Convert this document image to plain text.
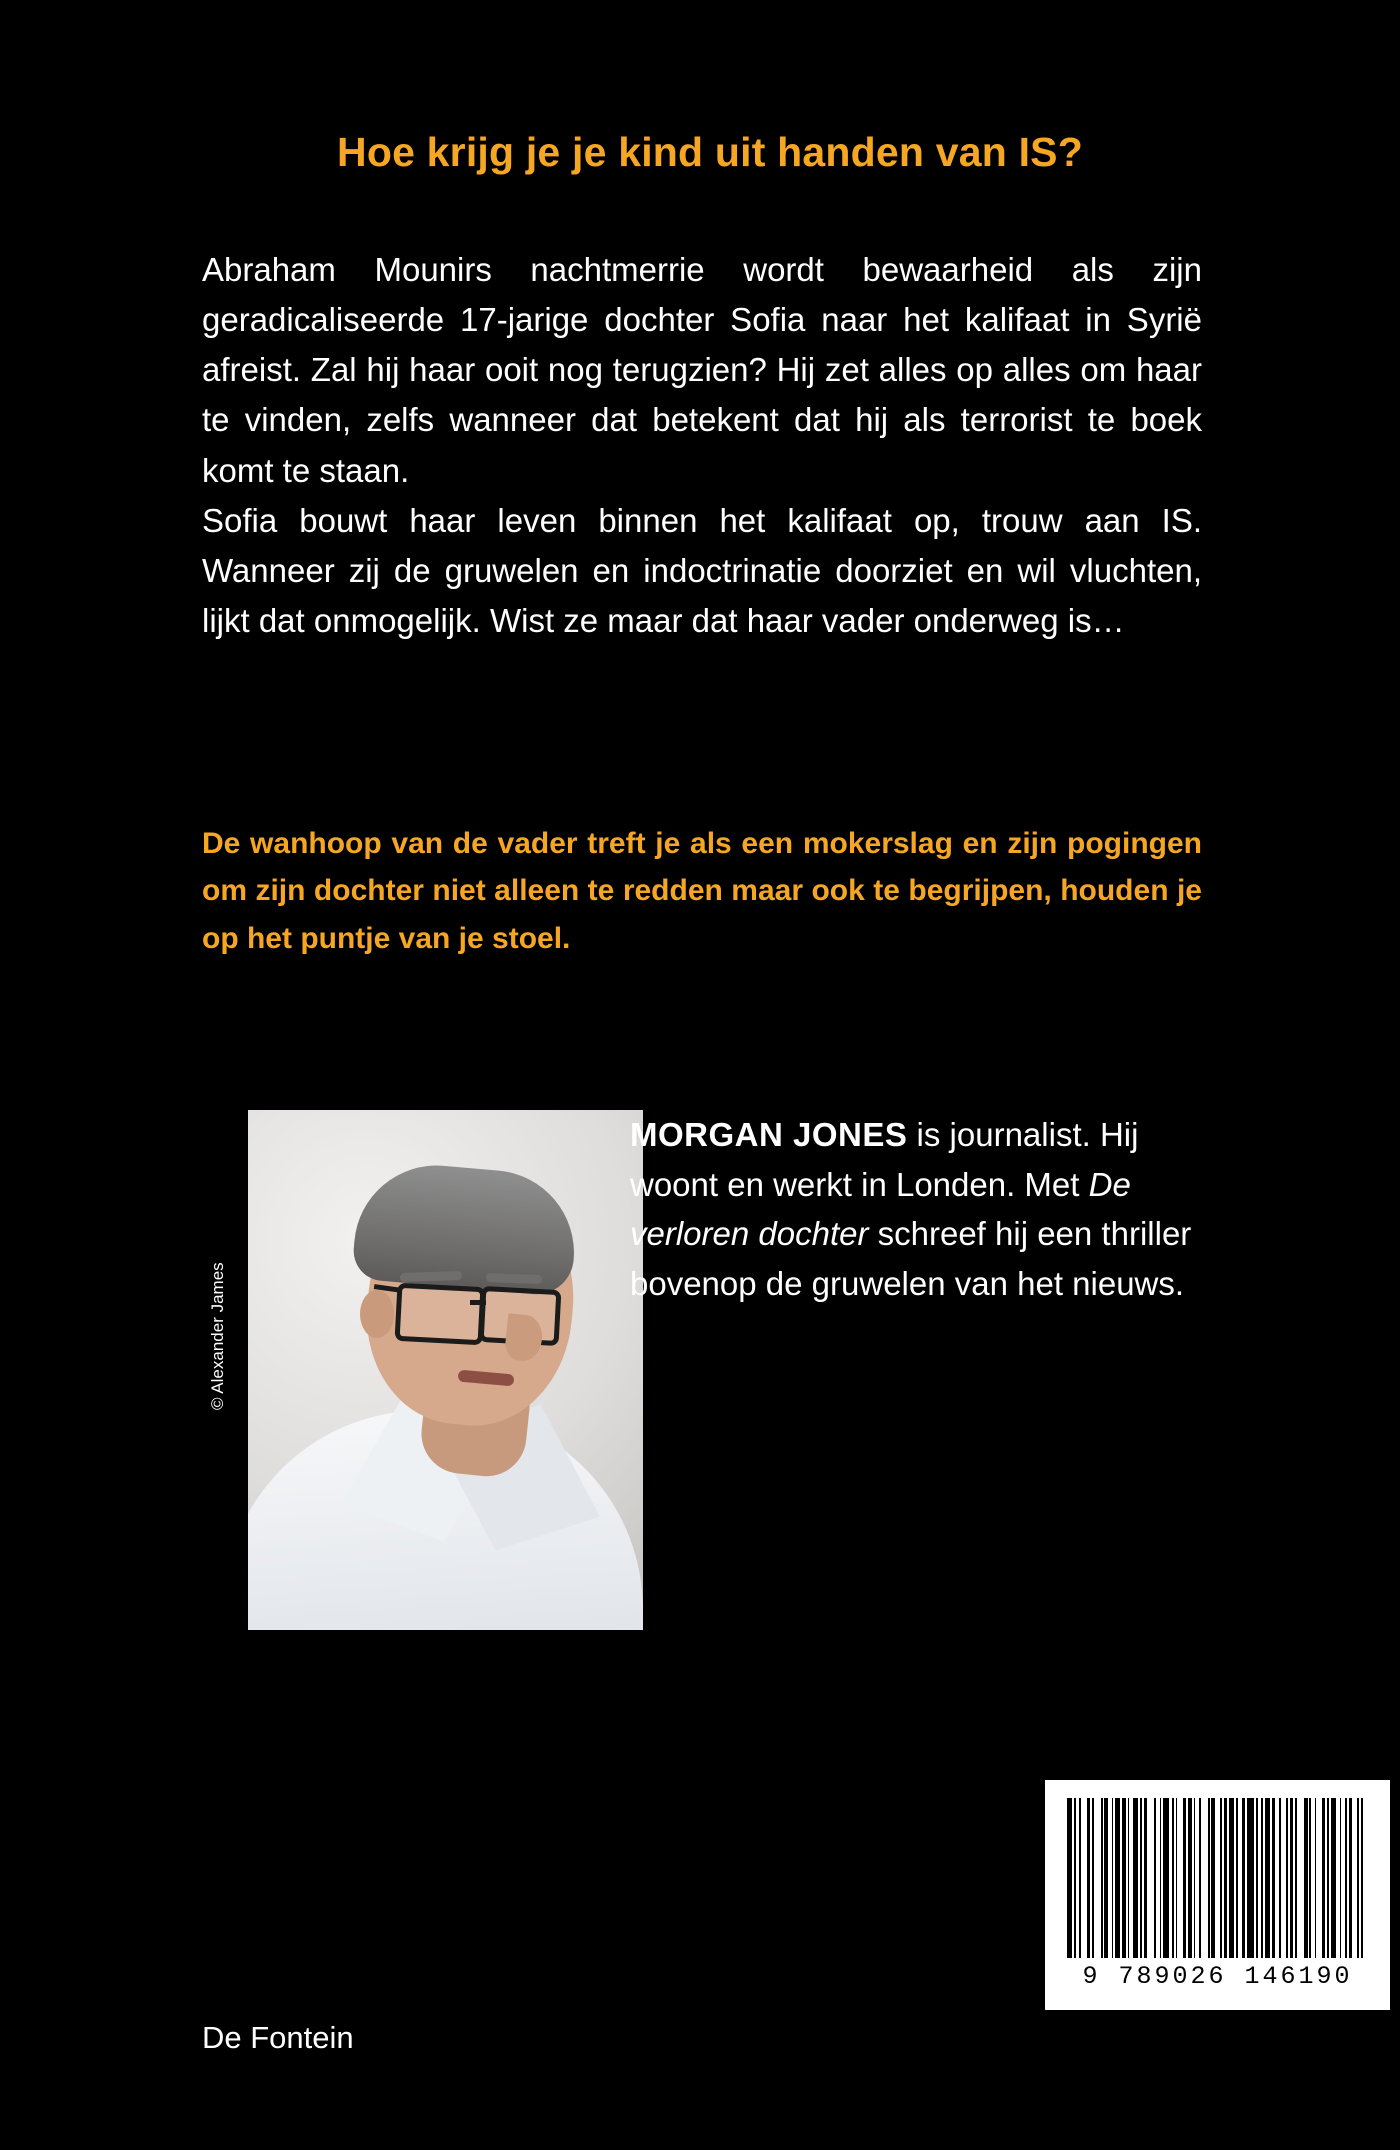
Hoe krijg je je kind uit handen van IS?

Abraham Mounirs nachtmerrie wordt bewaarheid als zijn geradicaliseerde 17-jarige dochter Sofia naar het kalifaat in Syrië afreist. Zal hij haar ooit nog terugzien? Hij zet alles op alles om haar te vinden, zelfs wanneer dat betekent dat hij als terrorist te boek komt te staan.

Sofia bouwt haar leven binnen het kalifaat op, trouw aan IS. Wanneer zij de gruwelen en indoctrinatie doorziet en wil vluchten, lijkt dat onmogelijk. Wist ze maar dat haar vader onderweg is…

De wanhoop van de vader treft je als een mokerslag en zijn pogingen om zijn dochter niet alleen te redden maar ook te begrijpen, houden je op het puntje van je stoel.
© Alexander James
MORGAN JONES is journalist. Hij woont en werkt in Londen. Met De verloren dochter schreef hij een thriller bovenop de gruwelen van het nieuws.
De Fontein
9 789026 146190
